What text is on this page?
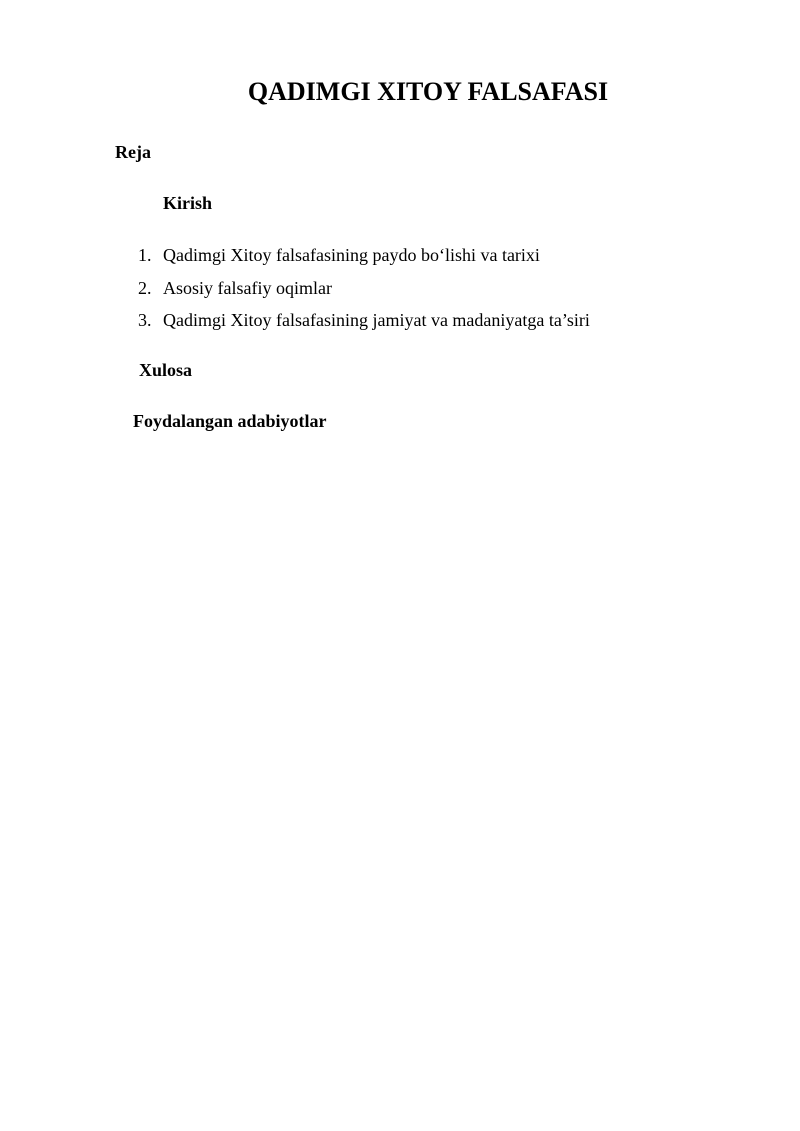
QADIMGI XITOY FALSAFASI
Reja
Kirish
1. Qadimgi Xitoy falsafasining paydo bo‘lishi va tarixi
2. Asosiy falsafiy oqimlar
3. Qadimgi Xitoy falsafasining jamiyat va madaniyatga ta’siri
Xulosa
Foydalangan adabiyotlar
